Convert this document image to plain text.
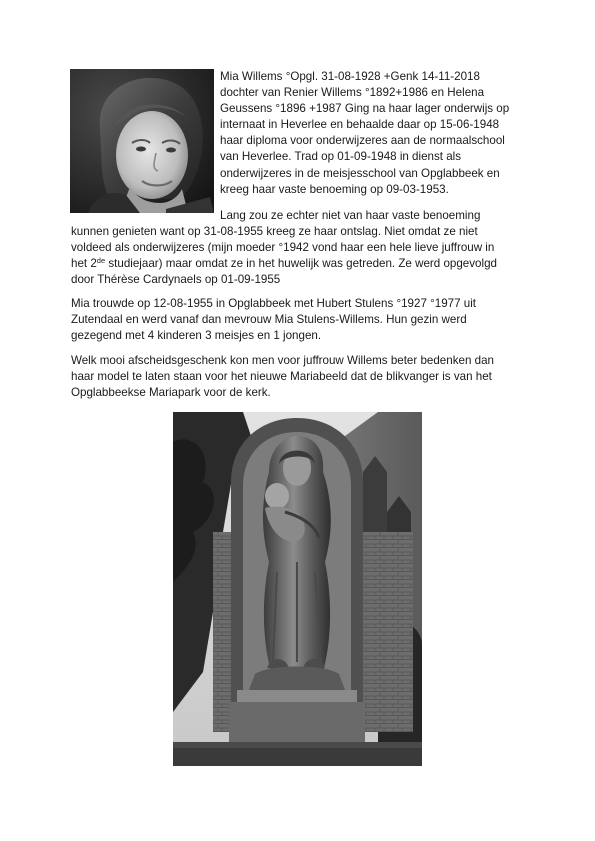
Mia Willems °Opgl. 31-08-1928 +Genk 14-11-2018
dochter van Renier Willems °1892+1986 en Helena
Geussens °1896 +1987 Ging na haar lager onderwijs op
internaat in Heverlee en behaalde daar op 15-06-1948
haar diploma voor onderwijzeres aan de normaalschool
van Heverlee. Trad op 01-09-1948 in dienst als
onderwijzeres in de meisjesschool van Opglabbeek en
kreeg haar vaste benoeming op 09-03-1953.
Lang zou ze echter niet van haar vaste benoeming
kunnen genieten want op 31-08-1955 kreeg ze haar ontslag. Niet omdat ze niet
voldeed als onderwijzeres (mijn moeder °1942 vond haar een hele lieve juffrouw in
het 2de studiejaar) maar omdat ze in het huwelijk was getreden. Ze werd opgevolgd
door Thérèse Cardynaels op 01-09-1955
Mia trouwde op 12-08-1955 in Opglabbeek met Hubert Stulens °1927 °1977 uit
Zutendaal en werd vanaf dan mevrouw Mia Stulens-Willems. Hun gezin werd
gezegend met 4 kinderen 3 meisjes en 1 jongen.
Welk mooi afscheidsgeschenk kon men voor juffrouw Willems beter bedenken dan
haar model te laten staan voor het nieuwe Mariabeeld dat de blikvanger is van het
Opglabbeekse Mariapark voor de kerk.
